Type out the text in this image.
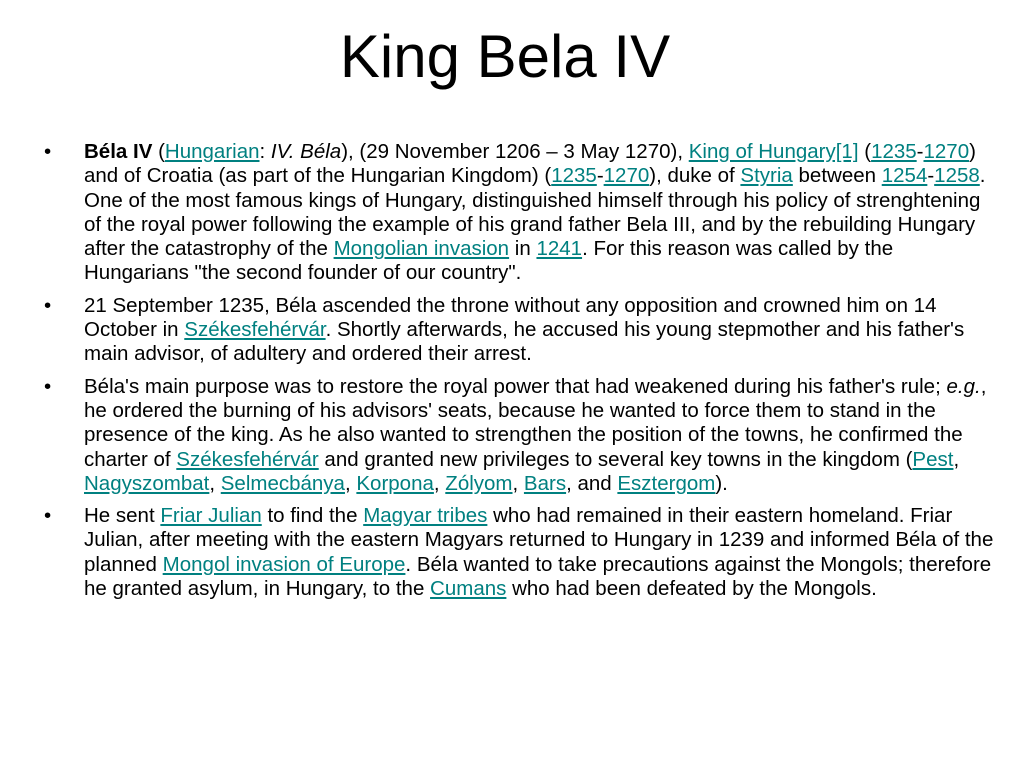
King Bela IV
• Béla IV (Hungarian: IV. Béla), (29 November 1206 – 3 May 1270), King of Hungary[1] (1235-1270) and of Croatia (as part of the Hungarian Kingdom) (1235-1270), duke of Styria between 1254-1258. One of the most famous kings of Hungary, distinguished himself through his policy of strenghtening of the royal power following the example of his grand father Bela III, and by the rebuilding Hungary after the catastrophy of the Mongolian invasion in 1241. For this reason was called by the Hungarians "the second founder of our country".
• 21 September 1235, Béla ascended the throne without any opposition and crowned him on 14 October in Székesfehérvár. Shortly afterwards, he accused his young stepmother and his father's main advisor, of adultery and ordered their arrest.
• Béla's main purpose was to restore the royal power that had weakened during his father's rule; e.g., he ordered the burning of his advisors' seats, because he wanted to force them to stand in the presence of the king. As he also wanted to strengthen the position of the towns, he confirmed the charter of Székesfehérvár and granted new privileges to several key towns in the kingdom (Pest, Nagyszombat, Selmecbánya, Korpona, Zólyom, Bars, and Esztergom).
• He sent Friar Julian to find the Magyar tribes who had remained in their eastern homeland. Friar Julian, after meeting with the eastern Magyars returned to Hungary in 1239 and informed Béla of the planned Mongol invasion of Europe. Béla wanted to take precautions against the Mongols; therefore he granted asylum, in Hungary, to the Cumans who had been defeated by the Mongols.
